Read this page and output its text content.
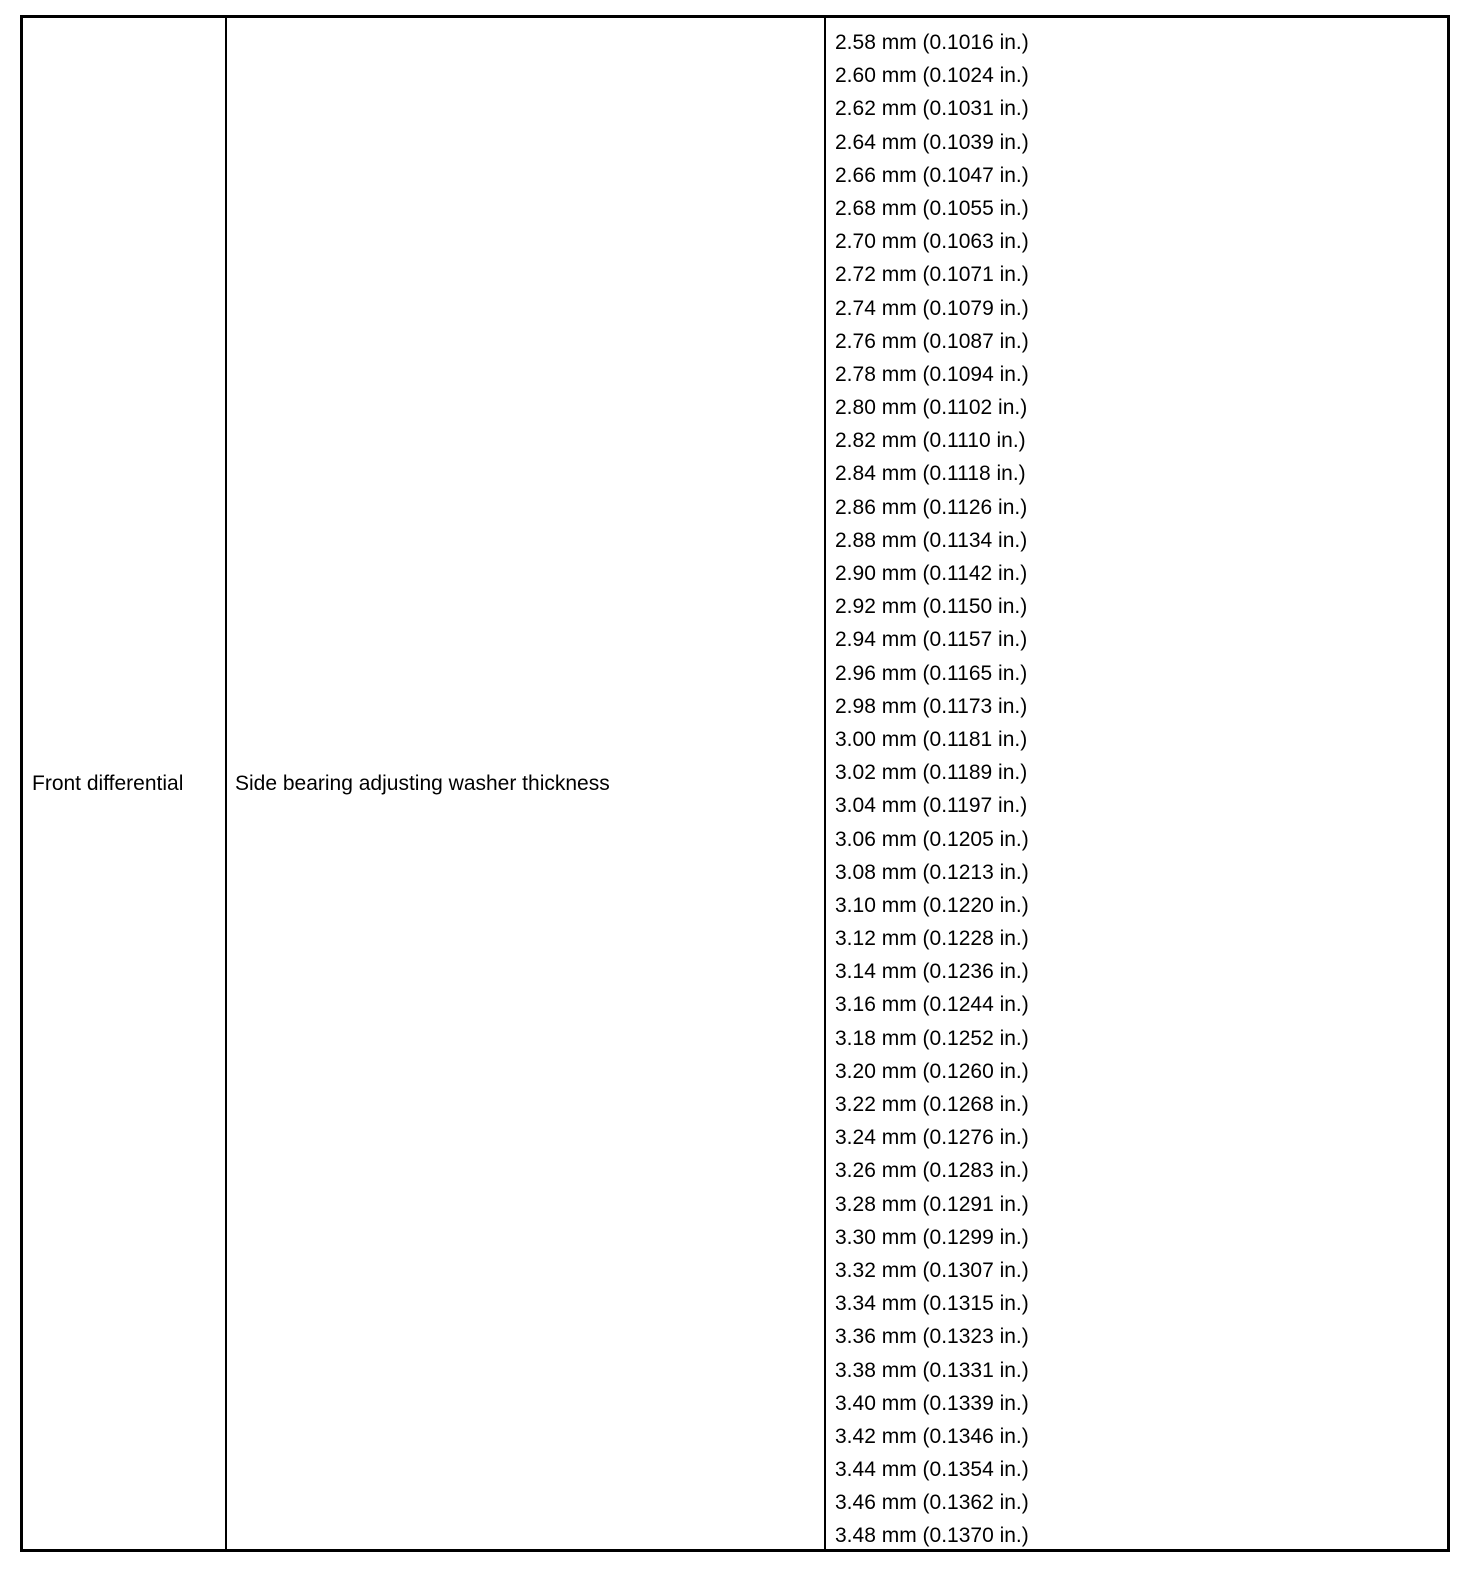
Front differential Side bearing adjusting washer thickness
2.58 mm (0.1016 in.)
2.60 mm (0.1024 in.)
2.62 mm (0.1031 in.)
2.64 mm (0.1039 in.)
2.66 mm (0.1047 in.)
2.68 mm (0.1055 in.)
2.70 mm (0.1063 in.)
2.72 mm (0.1071 in.)
2.74 mm (0.1079 in.)
2.76 mm (0.1087 in.)
2.78 mm (0.1094 in.)
2.80 mm (0.1102 in.)
2.82 mm (0.1110 in.)
2.84 mm (0.1118 in.)
2.86 mm (0.1126 in.)
2.88 mm (0.1134 in.)
2.90 mm (0.1142 in.)
2.92 mm (0.1150 in.)
2.94 mm (0.1157 in.)
2.96 mm (0.1165 in.)
2.98 mm (0.1173 in.)
3.00 mm (0.1181 in.)
3.02 mm (0.1189 in.)
3.04 mm (0.1197 in.)
3.06 mm (0.1205 in.)
3.08 mm (0.1213 in.)
3.10 mm (0.1220 in.)
3.12 mm (0.1228 in.)
3.14 mm (0.1236 in.)
3.16 mm (0.1244 in.)
3.18 mm (0.1252 in.)
3.20 mm (0.1260 in.)
3.22 mm (0.1268 in.)
3.24 mm (0.1276 in.)
3.26 mm (0.1283 in.)
3.28 mm (0.1291 in.)
3.30 mm (0.1299 in.)
3.32 mm (0.1307 in.)
3.34 mm (0.1315 in.)
3.36 mm (0.1323 in.)
3.38 mm (0.1331 in.)
3.40 mm (0.1339 in.)
3.42 mm (0.1346 in.)
3.44 mm (0.1354 in.)
3.46 mm (0.1362 in.)
3.48 mm (0.1370 in.)
